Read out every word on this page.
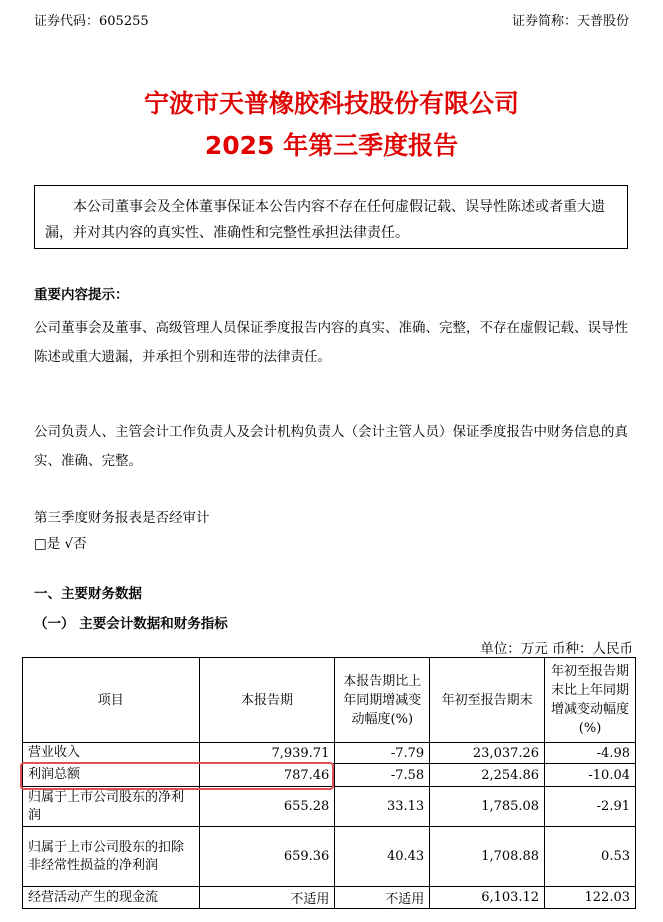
证券代码：605255	证券简称：天普股份
宁波市天普橡胶科技股份有限公司
2025 年第三季度报告
本公司董事会及全体董事保证本公告内容不存在任何虚假记载、误导性陈述或者重大遗漏，并对其内容的真实性、准确性和完整性承担法律责任。
重要内容提示：
公司董事会及董事、高级管理人员保证季度报告内容的真实、准确、完整，不存在虚假记载、误导性陈述或重大遗漏，并承担个别和连带的法律责任。
公司负责人、主管会计工作负责人及会计机构负责人（会计主管人员）保证季度报告中财务信息的真实、准确、完整。
第三季度财务报表是否经审计
□是 √否
一、主要财务数据
（一） 主要会计数据和财务指标
单位：万元 币种：人民币
项目	本报告期	本报告期比上年同期增减变动幅度(%)	年初至报告期末	年初至报告期末比上年同期增减变动幅度(%)
营业收入	7,939.71	-7.79	23,037.26	-4.98
利润总额	787.46	-7.58	2,254.86	-10.04
归属于上市公司股东的净利润	655.28	33.13	1,785.08	-2.91
归属于上市公司股东的扣除非经常性损益的净利润	659.36	40.43	1,708.88	0.53
经营活动产生的现金流	不适用	不适用	6,103.12	122.03
